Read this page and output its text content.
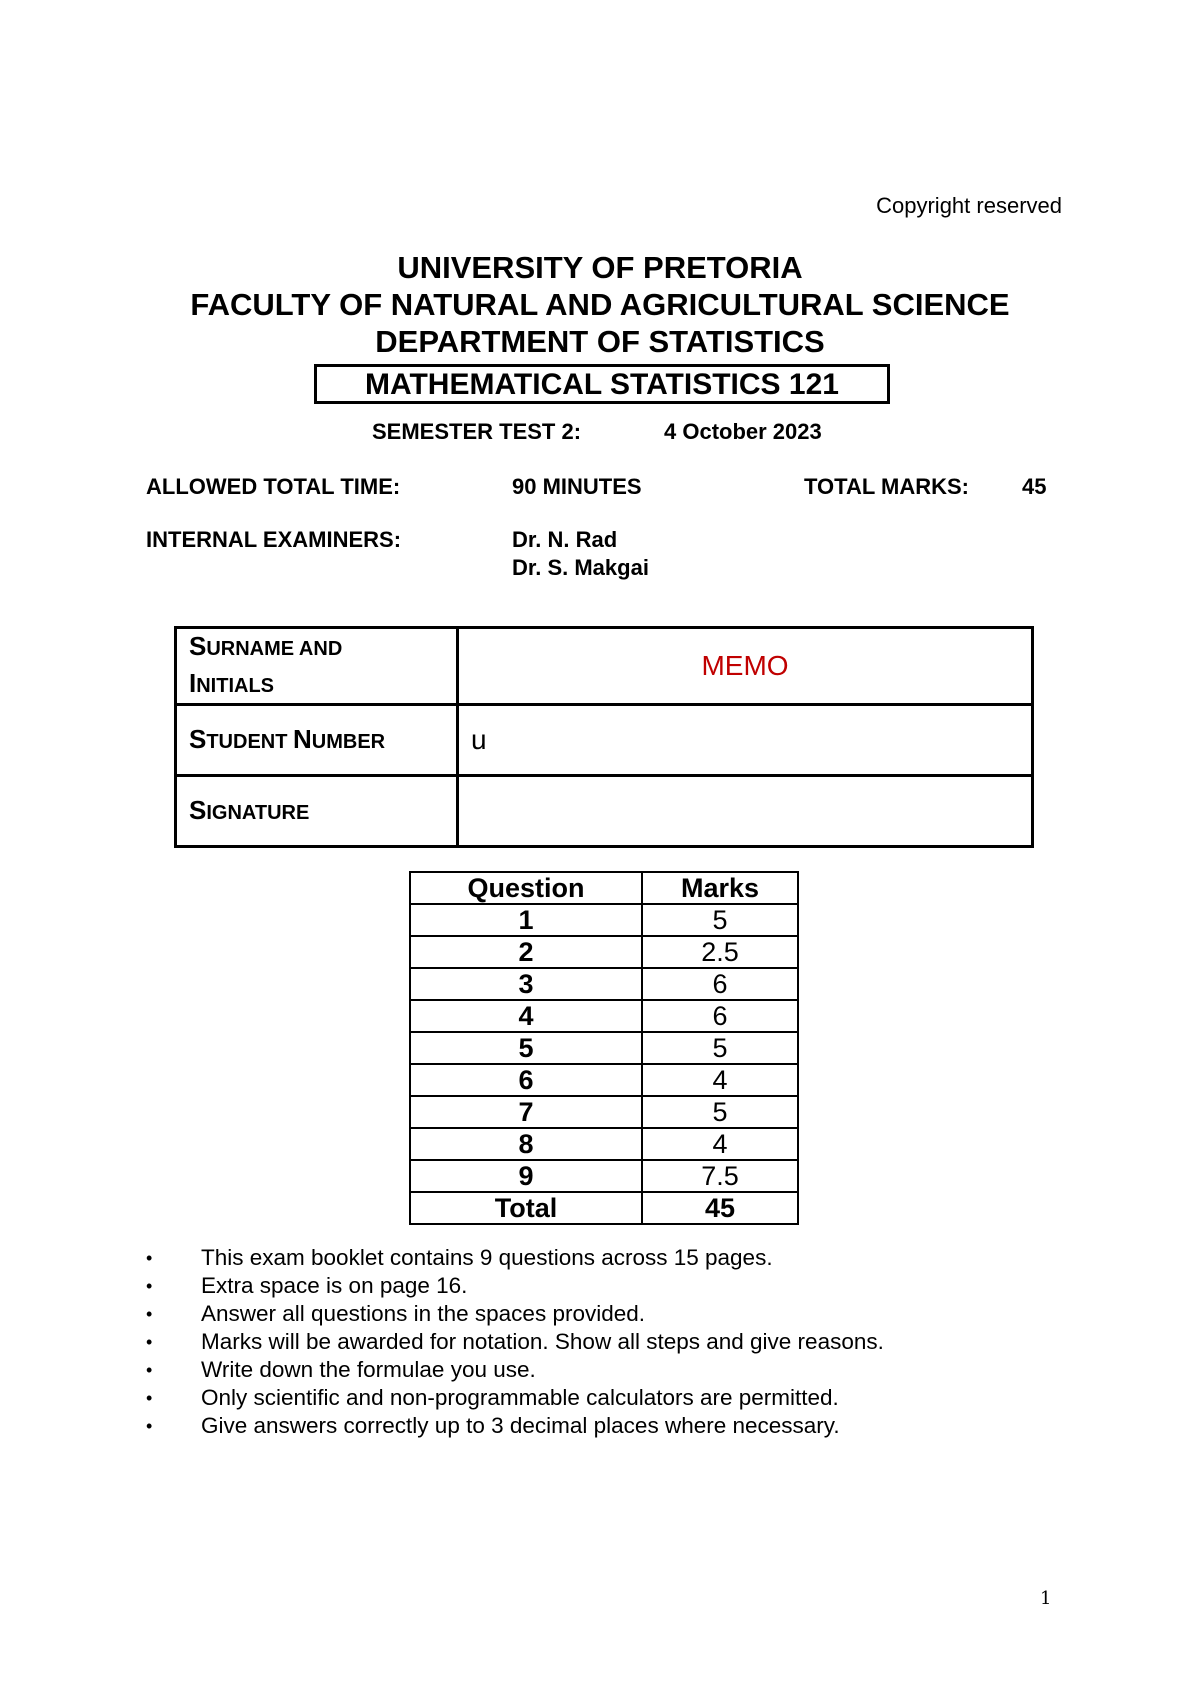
Copyright reserved
UNIVERSITY OF PRETORIA
FACULTY OF NATURAL AND AGRICULTURAL SCIENCE
DEPARTMENT OF STATISTICS
MATHEMATICAL STATISTICS 121
SEMESTER TEST 2:	4 October 2023
ALLOWED TOTAL TIME:	90 MINUTES	TOTAL MARKS: 45
INTERNAL EXAMINERS:	Dr. N. Rad
Dr. S. Makgai
SURNAME AND
INITIALS	MEMO
STUDENT NUMBER	u
SIGNATURE	
Question	Marks
1	5
2	2.5
3	6
4	6
5	5
6	4
7	5
8	4
9	7.5
Total	45
• This exam booklet contains 9 questions across 15 pages.
• Extra space is on page 16.
• Answer all questions in the spaces provided.
• Marks will be awarded for notation. Show all steps and give reasons.
• Write down the formulae you use.
• Only scientific and non-programmable calculators are permitted.
• Give answers correctly up to 3 decimal places where necessary.
1
